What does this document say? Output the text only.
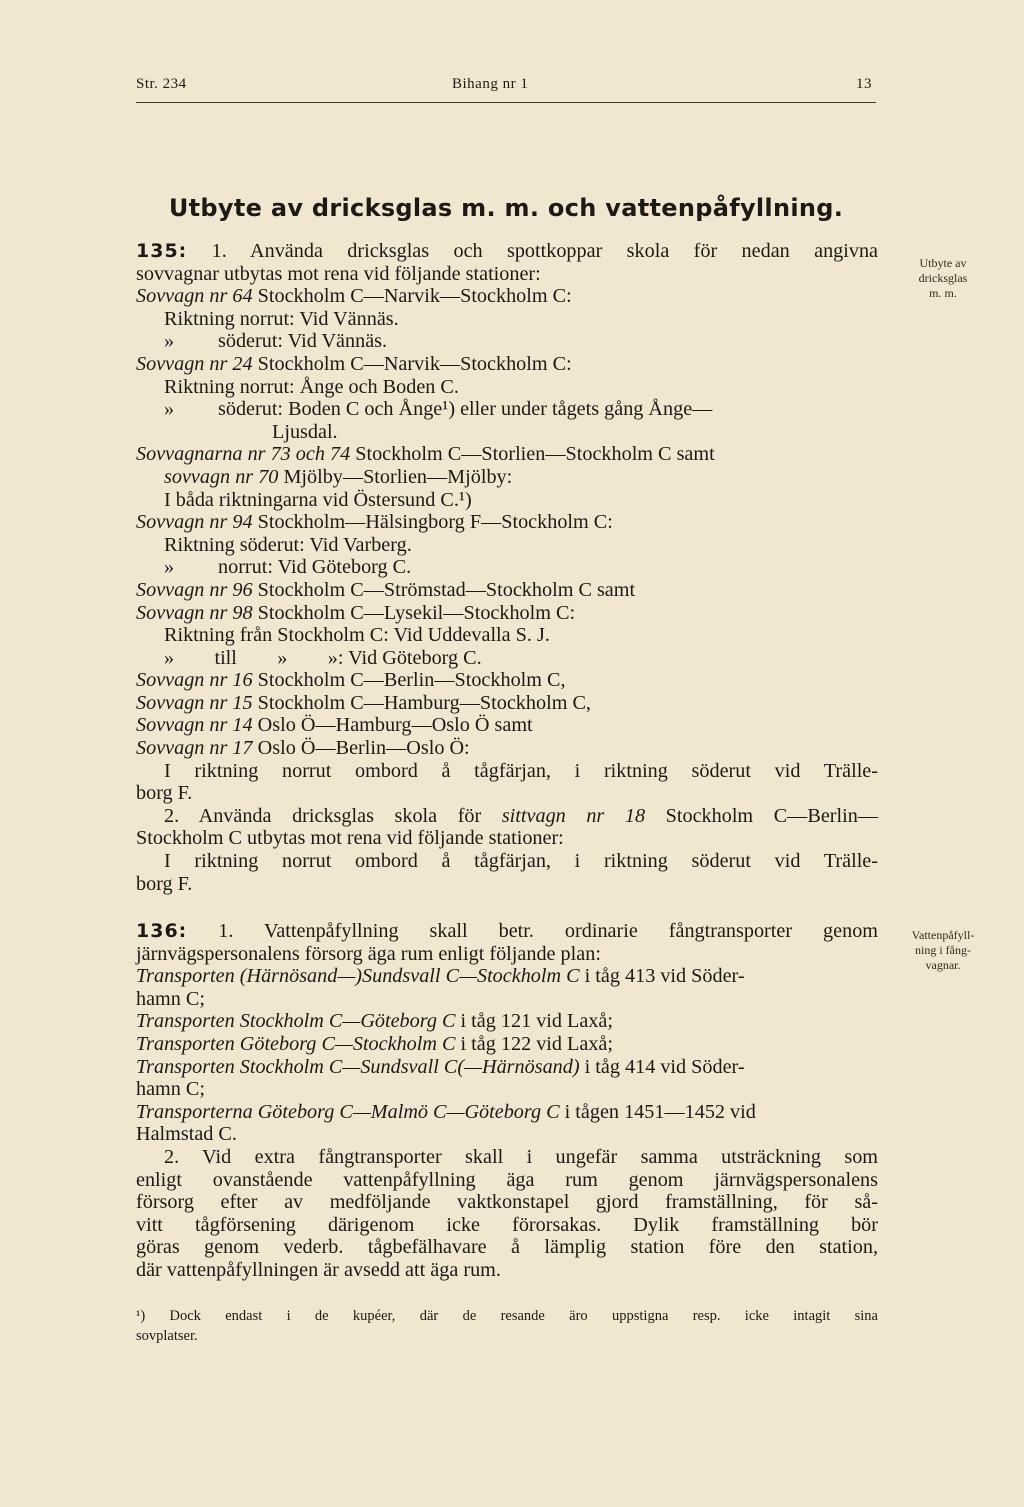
Str. 234	Bihang nr 1	13
Utbyte av dricksglas m. m. och vattenpåfyllning.
Utbyte av
dricksglas
m. m.
Vattenpåfyll-
ning i fång-
vagnar.
135: 1. Använda dricksglas och spottkoppar skola för nedan angivna
sovvagnar utbytas mot rena vid följande stationer:
Sovvagn nr 64 Stockholm C—Narvik—Stockholm C:
Riktning norrut: Vid Vännäs.
» söderut: Vid Vännäs.
Sovvagn nr 24 Stockholm C—Narvik—Stockholm C:
Riktning norrut: Ånge och Boden C.
» söderut: Boden C och Ånge¹) eller under tågets gång Ånge—
Ljusdal.
Sovvagnarna nr 73 och 74 Stockholm C—Storlien—Stockholm C samt
sovvagn nr 70 Mjölby—Storlien—Mjölby:
I båda riktningarna vid Östersund C.¹)
Sovvagn nr 94 Stockholm—Hälsingborg F—Stockholm C:
Riktning söderut: Vid Varberg.
» norrut: Vid Göteborg C.
Sovvagn nr 96 Stockholm C—Strömstad—Stockholm C samt
Sovvagn nr 98 Stockholm C—Lysekil—Stockholm C:
Riktning från Stockholm C: Vid Uddevalla S. J.
»        till        »        »: Vid Göteborg C.
Sovvagn nr 16 Stockholm C—Berlin—Stockholm C,
Sovvagn nr 15 Stockholm C—Hamburg—Stockholm C,
Sovvagn nr 14 Oslo Ö—Hamburg—Oslo Ö samt
Sovvagn nr 17 Oslo Ö—Berlin—Oslo Ö:
I riktning norrut ombord å tågfärjan, i riktning söderut vid Trälle-
borg F.
2. Använda dricksglas skola för sittvagn nr 18 Stockholm C—Berlin—
Stockholm C utbytas mot rena vid följande stationer:
I riktning norrut ombord å tågfärjan, i riktning söderut vid Trälle-
borg F.
136: 1. Vattenpåfyllning skall betr. ordinarie fångtransporter genom
järnvägspersonalens försorg äga rum enligt följande plan:
Transporten (Härnösand—)Sundsvall C—Stockholm C i tåg 413 vid Söder-
hamn C;
Transporten Stockholm C—Göteborg C i tåg 121 vid Laxå;
Transporten Göteborg C—Stockholm C i tåg 122 vid Laxå;
Transporten Stockholm C—Sundsvall C(—Härnösand) i tåg 414 vid Söder-
hamn C;
Transporterna Göteborg C—Malmö C—Göteborg C i tågen 1451—1452 vid
Halmstad C.
2. Vid extra fångtransporter skall i ungefär samma utsträckning som
enligt ovanstående vattenpåfyllning äga rum genom järnvägspersonalens
försorg efter av medföljande vaktkonstapel gjord framställning, för så-
vitt tågförsening därigenom icke förorsakas. Dylik framställning bör
göras genom vederb. tågbefälhavare å lämplig station före den station,
där vattenpåfyllningen är avsedd att äga rum.
¹) Dock endast i de kupéer, där de resande äro uppstigna resp. icke intagit sina
sovplatser.
